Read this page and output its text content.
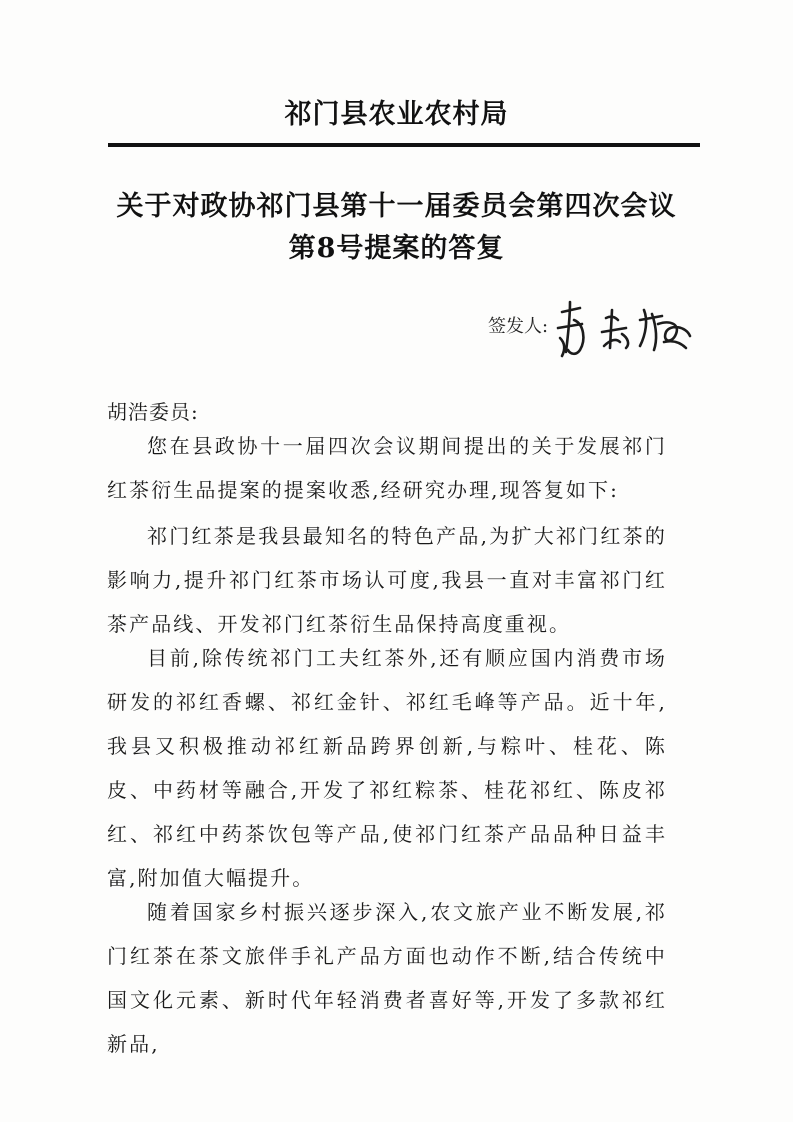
祁门县农业农村局
关于对政协祁门县第十一届委员会第四次会议
第8号提案的答复
签发人:
胡浩委员:

您在县政协十一届四次会议期间提出的关于发展祁门红茶衍生品提案的提案收悉,经研究办理,现答复如下:

祁门红茶是我县最知名的特色产品,为扩大祁门红茶的影响力,提升祁门红茶市场认可度,我县一直对丰富祁门红茶产品线、开发祁门红茶衍生品保持高度重视。

目前,除传统祁门工夫红茶外,还有顺应国内消费市场研发的祁红香螺、祁红金针、祁红毛峰等产品。近十年,我县又积极推动祁红新品跨界创新,与粽叶、桂花、陈皮、中药材等融合,开发了祁红粽茶、桂花祁红、陈皮祁红、祁红中药茶饮包等产品,使祁门红茶产品品种日益丰富,附加值大幅提升。

随着国家乡村振兴逐步深入,农文旅产业不断发展,祁门红茶在茶文旅伴手礼产品方面也动作不断,结合传统中国文化元素、新时代年轻消费者喜好等,开发了多款祁红新品,
